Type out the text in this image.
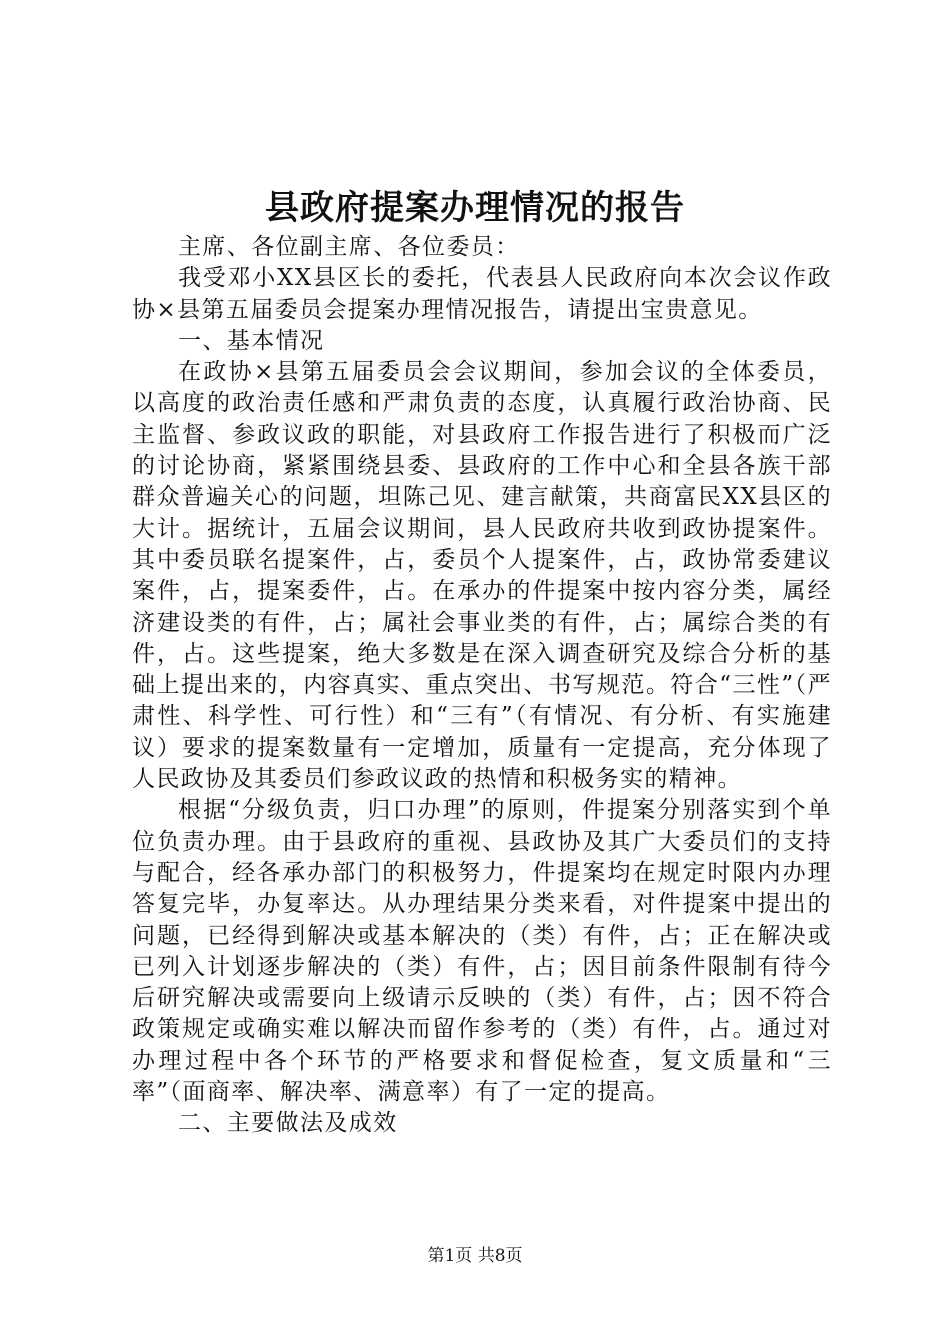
县政府提案办理情况的报告

主席、各位副主席、各位委员：

我受邓小XX县区长的委托，代表县人民政府向本次会议作政协×县第五届委员会提案办理情况报告，请提出宝贵意见。

一、基本情况

在政协×县第五届委员会会议期间，参加会议的全体委员，以高度的政治责任感和严肃负责的态度，认真履行政治协商、民主监督、参政议政的职能，对县政府工作报告进行了积极而广泛的讨论协商，紧紧围绕县委、县政府的工作中心和全县各族干部群众普遍关心的问题，坦陈己见、建言献策，共商富民XX县区的大计。据统计，五届会议期间，县人民政府共收到政协提案件。其中委员联名提案件，占，委员个人提案件，占，政协常委建议案件，占，提案委件，占。在承办的件提案中按内容分类，属经济建设类的有件，占；属社会事业类的有件，占；属综合类的有件，占。这些提案，绝大多数是在深入调查研究及综合分析的基础上提出来的，内容真实、重点突出、书写规范。符合“三性”（严肃性、科学性、可行性）和“三有”（有情况、有分析、有实施建议）要求的提案数量有一定增加，质量有一定提高，充分体现了人民政协及其委员们参政议政的热情和积极务实的精神。

根据“分级负责，归口办理”的原则，件提案分别落实到个单位负责办理。由于县政府的重视、县政协及其广大委员们的支持与配合，经各承办部门的积极努力，件提案均在规定时限内办理答复完毕，办复率达。从办理结果分类来看，对件提案中提出的问题，已经得到解决或基本解决的（类）有件，占；正在解决或已列入计划逐步解决的（类）有件，占；因目前条件限制有待今后研究解决或需要向上级请示反映的（类）有件，占；因不符合政策规定或确实难以解决而留作参考的（类）有件，占。通过对办理过程中各个环节的严格要求和督促检查，复文质量和“三率”（面商率、解决率、满意率）有了一定的提高。

二、主要做法及成效

第1页 共8页
